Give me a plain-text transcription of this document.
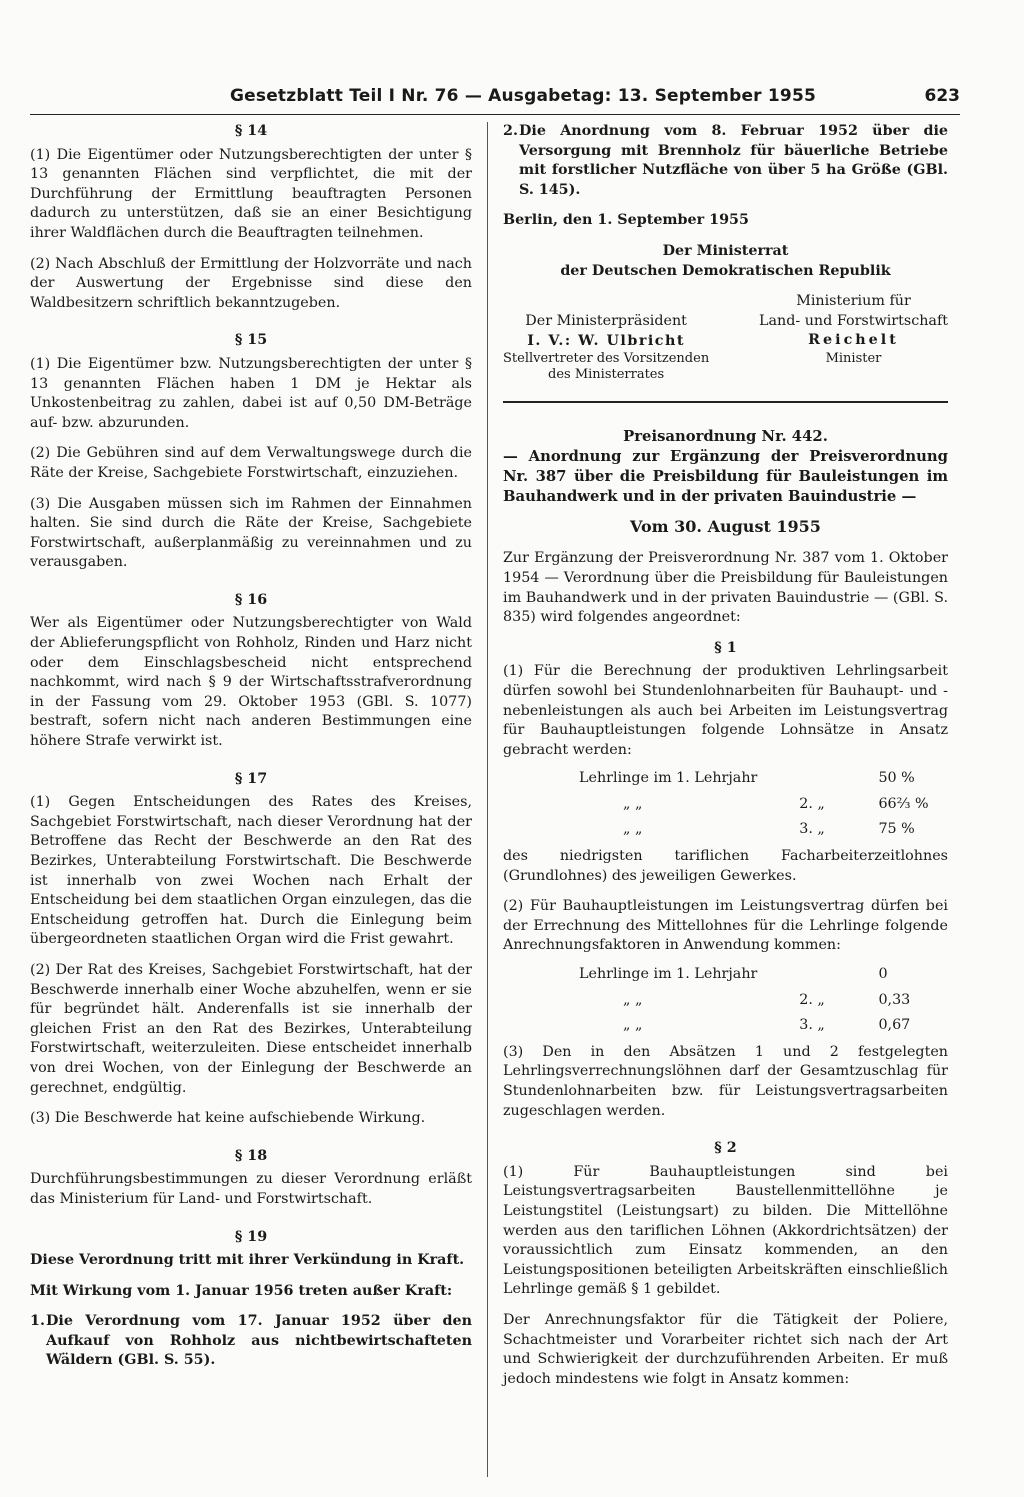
Gesetzblatt Teil I Nr. 76 — Ausgabetag: 13. September 1955	623
§ 14

(1) Die Eigentümer oder Nutzungsberechtigten der unter § 13 genannten Flächen sind verpflichtet, die mit der Durchführung der Ermittlung beauftragten Personen dadurch zu unterstützen, daß sie an einer Besichtigung ihrer Waldflächen durch die Beauftragten teilnehmen.

(2) Nach Abschluß der Ermittlung der Holzvorräte und nach der Auswertung der Ergebnisse sind diese den Waldbesitzern schriftlich bekanntzugeben.

§ 15

(1) Die Eigentümer bzw. Nutzungsberechtigten der unter § 13 genannten Flächen haben 1 DM je Hektar als Unkostenbeitrag zu zahlen, dabei ist auf 0,50 DM-Beträge auf- bzw. abzurunden.

(2) Die Gebühren sind auf dem Verwaltungswege durch die Räte der Kreise, Sachgebiete Forstwirtschaft, einzuziehen.

(3) Die Ausgaben müssen sich im Rahmen der Einnahmen halten. Sie sind durch die Räte der Kreise, Sachgebiete Forstwirtschaft, außerplanmäßig zu vereinnahmen und zu verausgaben.

§ 16

Wer als Eigentümer oder Nutzungsberechtigter von Wald der Ablieferungspflicht von Rohholz, Rinden und Harz nicht oder dem Einschlagsbescheid nicht entsprechend nachkommt, wird nach § 9 der Wirtschaftsstrafverordnung in der Fassung vom 29. Oktober 1953 (GBl. S. 1077) bestraft, sofern nicht nach anderen Bestimmungen eine höhere Strafe verwirkt ist.

§ 17

(1) Gegen Entscheidungen des Rates des Kreises, Sachgebiet Forstwirtschaft, nach dieser Verordnung hat der Betroffene das Recht der Beschwerde an den Rat des Bezirkes, Unterabteilung Forstwirtschaft. Die Beschwerde ist innerhalb von zwei Wochen nach Erhalt der Entscheidung bei dem staatlichen Organ einzulegen, das die Entscheidung getroffen hat. Durch die Einlegung beim übergeordneten staatlichen Organ wird die Frist gewahrt.

(2) Der Rat des Kreises, Sachgebiet Forstwirtschaft, hat der Beschwerde innerhalb einer Woche abzuhelfen, wenn er sie für begründet hält. Anderenfalls ist sie innerhalb der gleichen Frist an den Rat des Bezirkes, Unterabteilung Forstwirtschaft, weiterzuleiten. Diese entscheidet innerhalb von drei Wochen, von der Einlegung der Beschwerde an gerechnet, endgültig.

(3) Die Beschwerde hat keine aufschiebende Wirkung.

§ 18

Durchführungsbestimmungen zu dieser Verordnung erläßt das Ministerium für Land- und Forstwirtschaft.

§ 19

Diese Verordnung tritt mit ihrer Verkündung in Kraft.

Mit Wirkung vom 1. Januar 1956 treten außer Kraft:

1. Die Verordnung vom 17. Januar 1952 über den Aufkauf von Rohholz aus nichtbewirtschafteten Wäldern (GBl. S. 55).
2. Die Anordnung vom 8. Februar 1952 über die Versorgung mit Brennholz für bäuerliche Betriebe mit forstlicher Nutzfläche von über 5 ha Größe (GBl. S. 145).

Berlin, den 1. September 1955

Der Ministerrat
der Deutschen Demokratischen Republik
Der Ministerpräsident
I. V.: W. Ulbricht
Stellvertreter des Vorsitzenden
des Ministerrates
Ministerium für
Land- und Forstwirtschaft
Reichelt
Minister
Preisanordnung Nr. 442.
— Anordnung zur Ergänzung der Preisverordnung Nr. 387 über die Preisbildung für Bauleistungen im Bauhandwerk und in der privaten Bauindustrie —
Vom 30. August 1955

Zur Ergänzung der Preisverordnung Nr. 387 vom 1. Oktober 1954 — Verordnung über die Preisbildung für Bauleistungen im Bauhandwerk und in der privaten Bauindustrie — (GBl. S. 835) wird folgendes angeordnet:

§ 1

(1) Für die Berechnung der produktiven Lehrlingsarbeit dürfen sowohl bei Stundenlohnarbeiten für Bauhaupt- und -nebenleistungen als auch bei Arbeiten im Leistungsvertrag für Bauhauptleistungen folgende Lohnsätze in Ansatz gebracht werden:

Lehrlinge im 1. Lehrjahr		50 %
„ „	2. „	66⅔ %
„ „	3. „	75 %

des niedrigsten tariflichen Facharbeiterzeitlohnes (Grundlohnes) des jeweiligen Gewerkes.

(2) Für Bauhauptleistungen im Leistungsvertrag dürfen bei der Errechnung des Mittellohnes für die Lehrlinge folgende Anrechnungsfaktoren in Anwendung kommen:

Lehrlinge im 1. Lehrjahr		0
„ „	2. „	0,33
„ „	3. „	0,67

(3) Den in den Absätzen 1 und 2 festgelegten Lehrlingsverrechnungslöhnen darf der Gesamtzuschlag für Stundenlohnarbeiten bzw. für Leistungsvertragsarbeiten zugeschlagen werden.

§ 2

(1) Für Bauhauptleistungen sind bei Leistungsvertragsarbeiten Baustellenmittellöhne je Leistungstitel (Leistungsart) zu bilden. Die Mittellöhne werden aus den tariflichen Löhnen (Akkordrichtsätzen) der voraussichtlich zum Einsatz kommenden, an den Leistungspositionen beteiligten Arbeitskräften einschließlich Lehrlinge gemäß § 1 gebildet.

Der Anrechnungsfaktor für die Tätigkeit der Poliere, Schachtmeister und Vorarbeiter richtet sich nach der Art und Schwierigkeit der durchzuführenden Arbeiten. Er muß jedoch mindestens wie folgt in Ansatz kommen:
